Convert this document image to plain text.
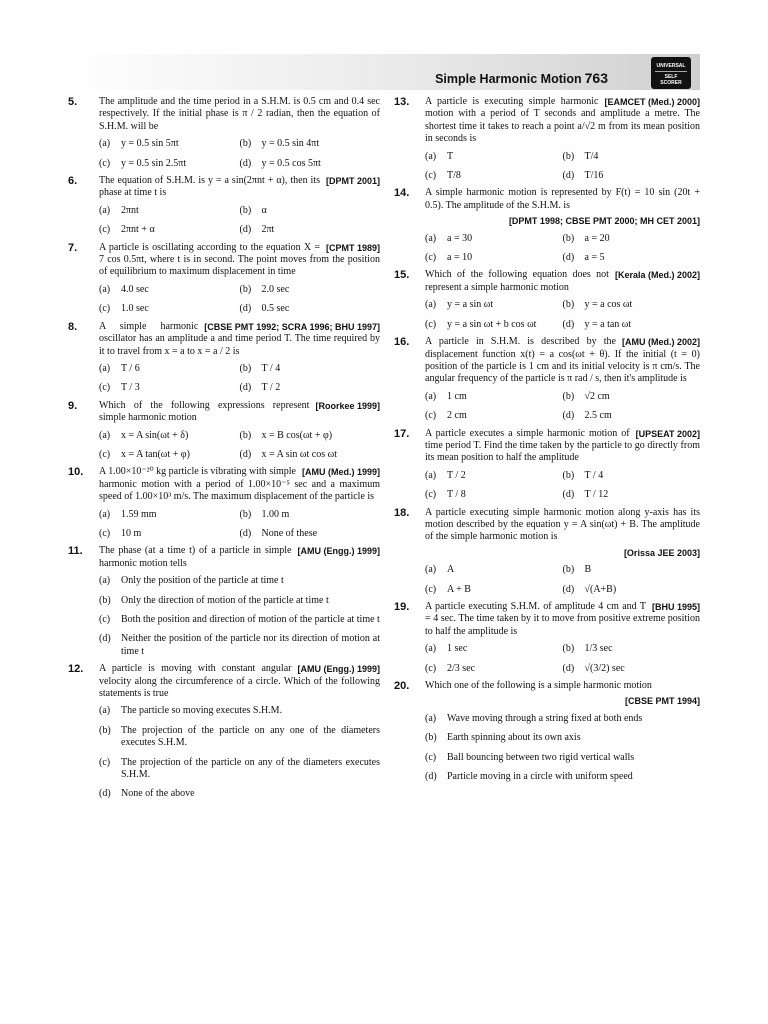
Simple Harmonic Motion 763
UNIVERSAL
SELF SCORER
5. The amplitude and the time period in a S.H.M. is 0.5 cm and 0.4 sec respectively. If the initial phase is π / 2 radian, then the equation of S.H.M. will be
(a) y = 0.5 sin 5πt	(b) y = 0.5 sin 4πt
(c) y = 0.5 sin 2.5πt	(d) y = 0.5 cos 5πt
6.	[DPMT 2001]
The equation of S.H.M. is y = a sin(2πnt + α), then its phase at time t is
(a) 2πnt	(b) α
(c) 2πnt + α	(d) 2πt
7.	[CPMT 1989]
A particle is oscillating according to the equation X = 7 cos 0.5πt, where t is in second. The point moves from the position of equilibrium to maximum displacement in time
(a) 4.0 sec	(b) 2.0 sec
(c) 1.0 sec	(d) 0.5 sec
8.	[CBSE PMT 1992; SCRA 1996; BHU 1997]
A simple harmonic oscillator has an amplitude a and time period T. The time required by it to travel from x = a to x = a / 2 is
(a) T / 6	(b) T / 4
(c) T / 3	(d) T / 2
9.	[Roorkee 1999]
Which of the following expressions represent simple harmonic motion
(a) x = A sin(ωt + δ)	(b) x = B cos(ωt + φ)
(c) x = A tan(ωt + φ)	(d) x = A sin ωt cos ωt
10.	[AMU (Med.) 1999]
A 1.00×10⁻²⁰ kg particle is vibrating with simple harmonic motion with a period of 1.00×10⁻⁵ sec and a maximum speed of 1.00×10³ m/s. The maximum displacement of the particle is
(a) 1.59 mm	(b) 1.00 m
(c) 10 m	(d) None of these
11.	[AMU (Engg.) 1999]
The phase (at a time t) of a particle in simple harmonic motion tells
(a) Only the position of the particle at time t
(b) Only the direction of motion of the particle at time t
(c) Both the position and direction of motion of the particle at time t
(d) Neither the position of the particle nor its direction of motion at time t
12.	[AMU (Engg.) 1999]
A particle is moving with constant angular velocity along the circumference of a circle. Which of the following statements is true
(a) The particle so moving executes S.H.M.
(b) The projection of the particle on any one of the diameters executes S.H.M.
(c) The projection of the particle on any of the diameters executes S.H.M.
(d) None of the above
13.	[EAMCET (Med.) 2000]
A particle is executing simple harmonic motion with a period of T seconds and amplitude a metre. The shortest time it takes to reach a point a/√2 m from its mean position in seconds is
(a) T	(b) T/4
(c) T/8	(d) T/16
14. A simple harmonic motion is represented by F(t) = 10 sin (20t + 0.5). The amplitude of the S.H.M. is
[DPMT 1998; CBSE PMT 2000; MH CET 2001]
(a) a = 30	(b) a = 20
(c) a = 10	(d) a = 5
15.	[Kerala (Med.) 2002]
Which of the following equation does not represent a simple harmonic motion
(a) y = a sin ωt	(b) y = a cos ωt
(c) y = a sin ωt + b cos ωt	(d) y = a tan ωt
16.	[AMU (Med.) 2002]
A particle in S.H.M. is described by the displacement function x(t) = a cos(ωt + θ). If the initial (t = 0) position of the particle is 1 cm and its initial velocity is π cm/s. The angular frequency of the particle is π rad / s, then it's amplitude is
(a) 1 cm	(b) √2 cm
(c) 2 cm	(d) 2.5 cm
17.	[UPSEAT 2002]
A particle executes a simple harmonic motion of time period T. Find the time taken by the particle to go directly from its mean position to half the amplitude
(a) T / 2	(b) T / 4
(c) T / 8	(d) T / 12
18. A particle executing simple harmonic motion along y-axis has its motion described by the equation y = A sin(ωt) + B. The amplitude of the simple harmonic motion is
[Orissa JEE 2003]
(a) A	(b) B
(c) A + B	(d) √(A+B)
19.	[BHU 1995]
A particle executing S.H.M. of amplitude 4 cm and T = 4 sec. The time taken by it to move from positive extreme position to half the amplitude is
(a) 1 sec	(b) 1/3 sec
(c) 2/3 sec	(d) √(3/2) sec
20. Which one of the following is a simple harmonic motion
[CBSE PMT 1994]
(a) Wave moving through a string fixed at both ends
(b) Earth spinning about its own axis
(c) Ball bouncing between two rigid vertical walls
(d) Particle moving in a circle with uniform speed
